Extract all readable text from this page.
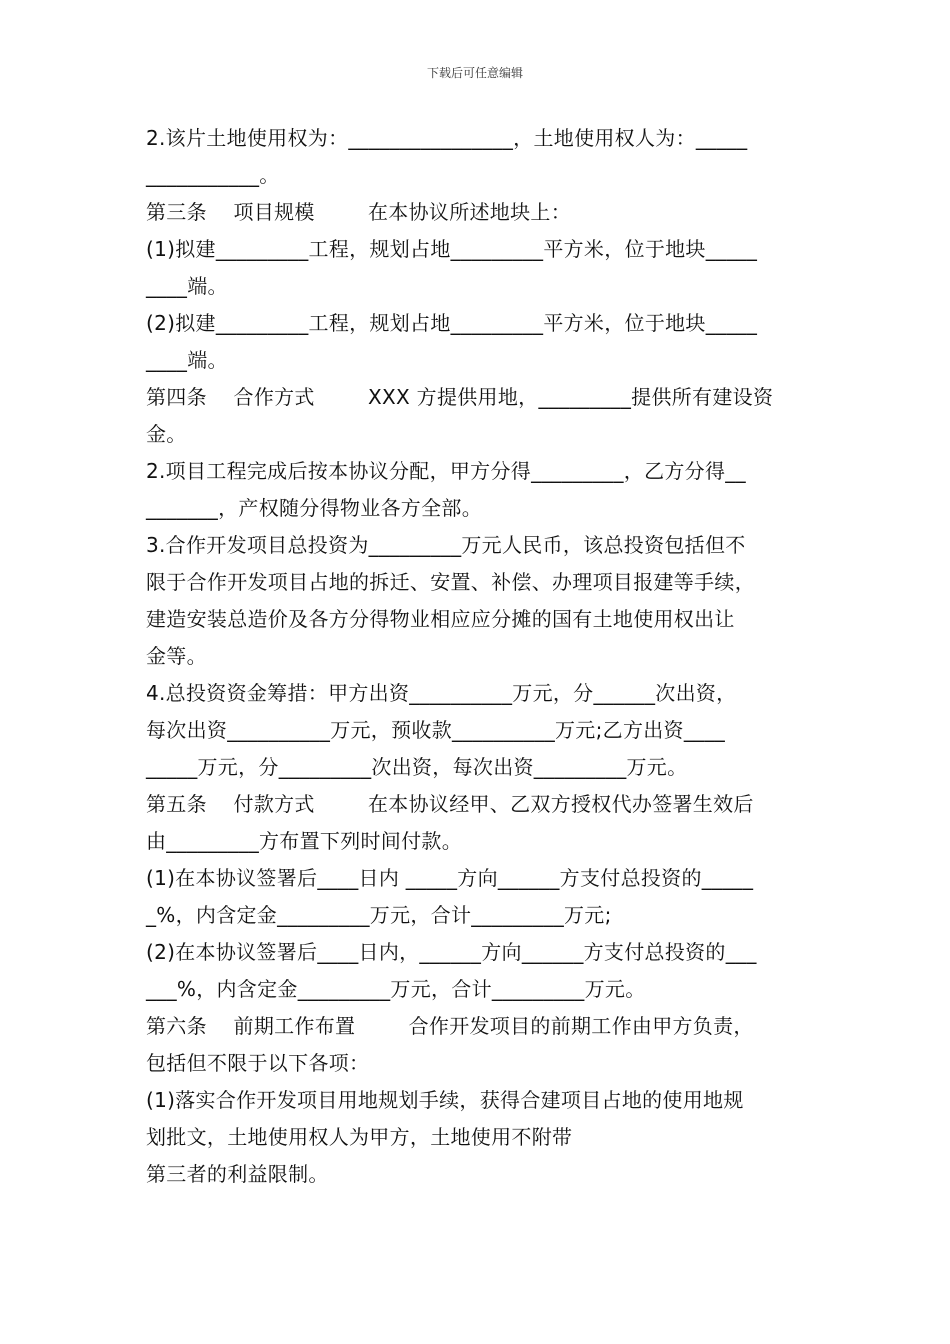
下载后可任意编辑
2.该片土地使用权为：________________，土地使用权人为：_____
___________。
第三条    项目规模        在本协议所述地块上：
(1)拟建_________工程，规划占地_________平方米，位于地块_____
____端。
(2)拟建_________工程，规划占地_________平方米，位于地块_____
____端。
第四条    合作方式        XXX 方提供用地，_________提供所有建设资
金。
2.项目工程完成后按本协议分配，甲方分得_________，乙方分得__
_______，产权随分得物业各方全部。
3.合作开发项目总投资为_________万元人民币，该总投资包括但不
限于合作开发项目占地的拆迁、安置、补偿、办理项目报建等手续，
建造安装总造价及各方分得物业相应应分摊的国有土地使用权出让
金等。
4.总投资资金筹措：甲方出资__________万元，分______次出资，
每次出资__________万元，预收款__________万元;乙方出资____
_____万元，分_________次出资，每次出资_________万元。
第五条    付款方式        在本协议经甲、乙双方授权代办签署生效后
由_________方布置下列时间付款。
(1)在本协议签署后____日内 _____方向______方支付总投资的_____
_%，内含定金_________万元，合计_________万元;
(2)在本协议签署后____日内，______方向______方支付总投资的___
___%，内含定金_________万元，合计_________万元。
第六条    前期工作布置        合作开发项目的前期工作由甲方负责，
包括但不限于以下各项：
(1)落实合作开发项目用地规划手续，获得合建项目占地的使用地规
划批文，土地使用权人为甲方，土地使用不附带
第三者的利益限制。
